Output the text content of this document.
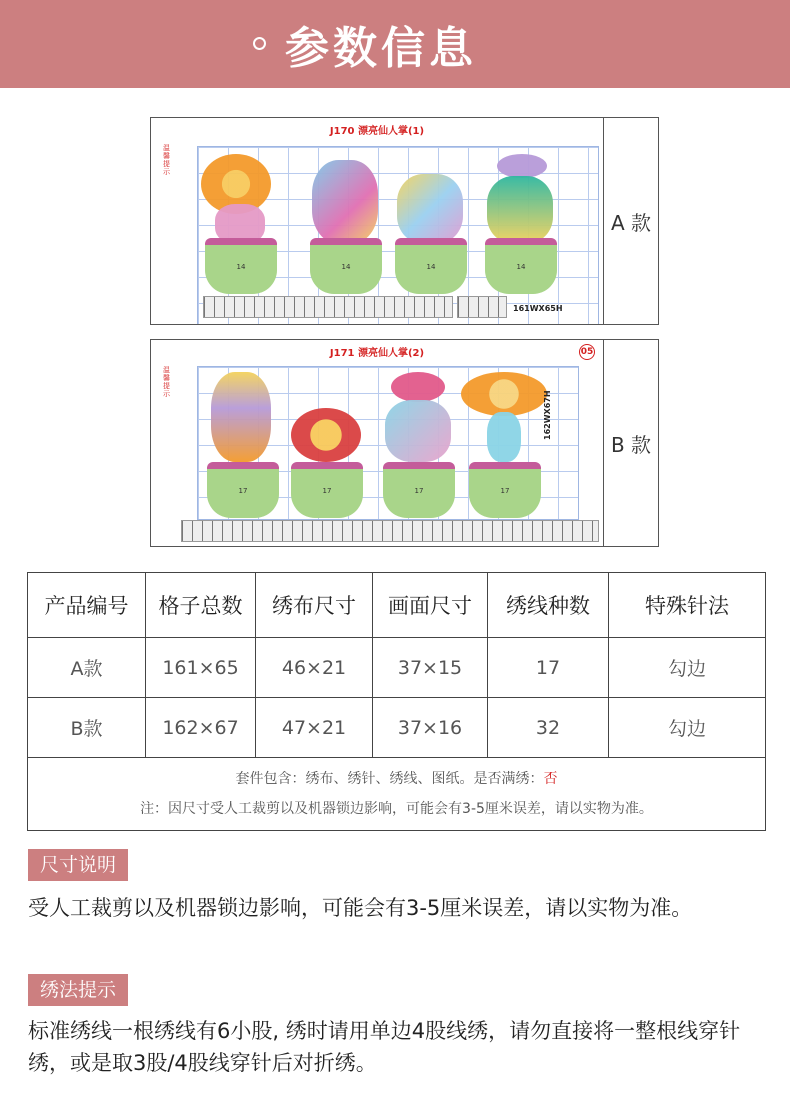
参数信息
J170 漂亮仙人掌(1)
温馨提示
14	14	14	14
161WX65H
A 款
J171 漂亮仙人掌(2)	05
温馨提示
17	17	17	17
162WX67H
B 款
产品编号	格子总数	绣布尺寸	画面尺寸	绣线种数	特殊针法
A款	161×65	46×21	37×15	17	勾边
B款	162×67	47×21	37×16	32	勾边

套件包含：绣布、绣针、绣线、图纸。是否满绣：否
注：因尺寸受人工裁剪以及机器锁边影响，可能会有3-5厘米误差，请以实物为准。					
尺寸说明
受人工裁剪以及机器锁边影响，可能会有3-5厘米误差，请以实物为准。
绣法提示
标准绣线一根绣线有6小股, 绣时请用单边4股线绣，请勿直接将一整根线穿针绣，或是取3股/4股线穿针后对折绣。
